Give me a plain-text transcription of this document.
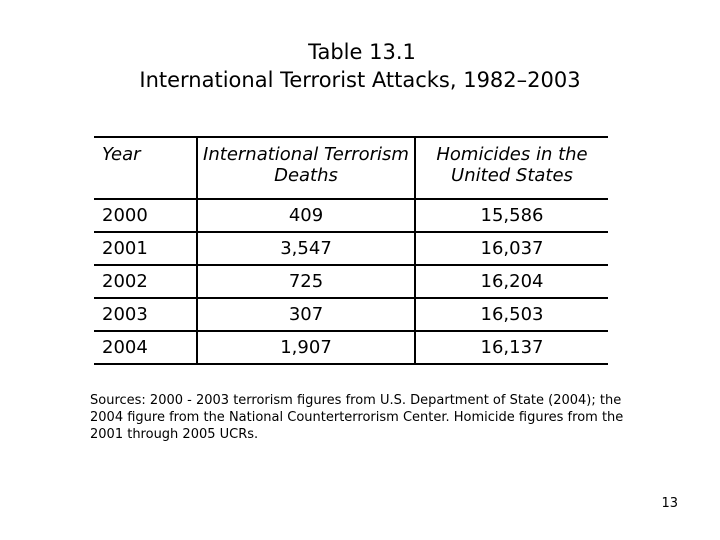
Table 13.1
International Terrorist Attacks, 1982–2003
Year	International Terrorism Deaths	Homicides in the United States
2000	409	15,586
2001	3,547	16,037
2002	725	16,204
2003	307	16,503
2004	1,907	16,137
Sources: 2000 - 2003 terrorism figures from U.S. Department of State (2004); the 2004 figure from the National Counterterrorism Center. Homicide figures from the 2001 through 2005 UCRs.
13
